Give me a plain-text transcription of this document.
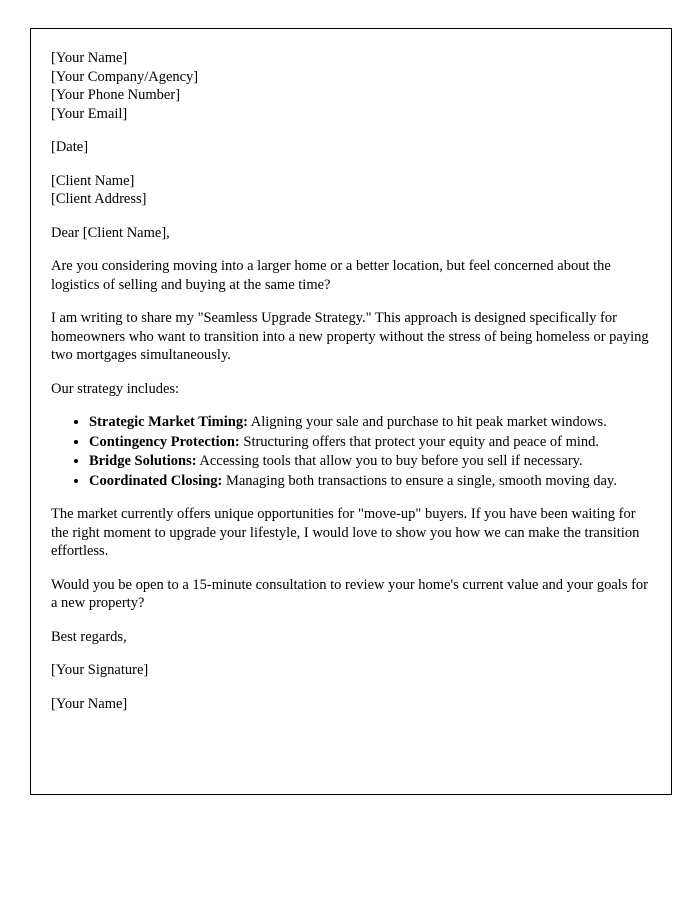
[Your Name]
[Your Company/Agency]
[Your Phone Number]
[Your Email]

[Date]

[Client Name]
[Client Address]

Dear [Client Name],

Are you considering moving into a larger home or a better location, but feel concerned about the logistics of selling and buying at the same time?

I am writing to share my "Seamless Upgrade Strategy." This approach is designed specifically for homeowners who want to transition into a new property without the stress of being homeless or paying two mortgages simultaneously.

Our strategy includes:

• Strategic Market Timing: Aligning your sale and purchase to hit peak market windows.
• Contingency Protection: Structuring offers that protect your equity and peace of mind.
• Bridge Solutions: Accessing tools that allow you to buy before you sell if necessary.
• Coordinated Closing: Managing both transactions to ensure a single, smooth moving day.

The market currently offers unique opportunities for "move-up" buyers. If you have been waiting for the right moment to upgrade your lifestyle, I would love to show you how we can make the transition effortless.

Would you be open to a 15-minute consultation to review your home's current value and your goals for a new property?

Best regards,

[Your Signature]

[Your Name]
